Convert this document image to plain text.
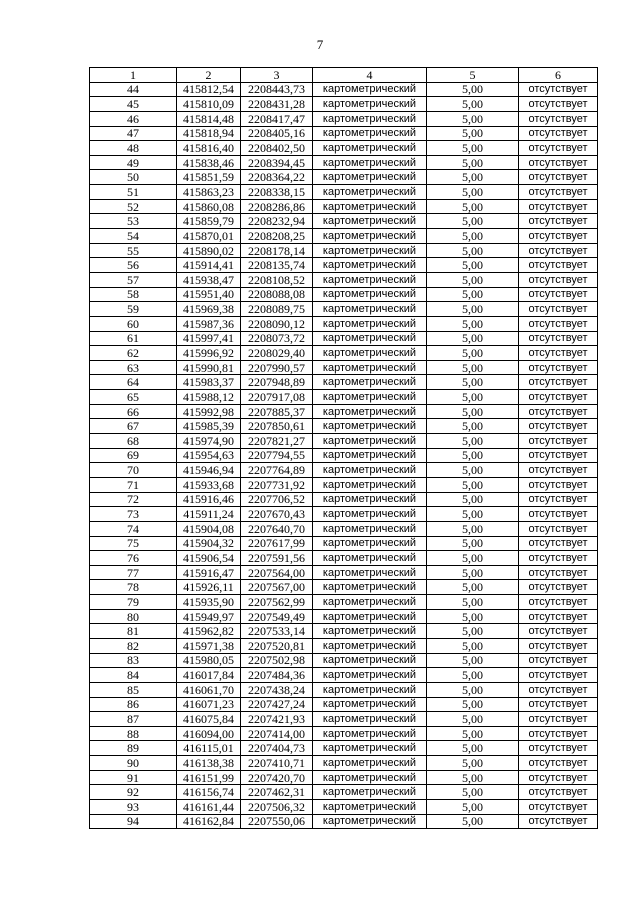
7
1	2	3	4	5	6
44	415812,54	2208443,73	картометрический	5,00	отсутствует
45	415810,09	2208431,28	картометрический	5,00	отсутствует
46	415814,48	2208417,47	картометрический	5,00	отсутствует
47	415818,94	2208405,16	картометрический	5,00	отсутствует
48	415816,40	2208402,50	картометрический	5,00	отсутствует
49	415838,46	2208394,45	картометрический	5,00	отсутствует
50	415851,59	2208364,22	картометрический	5,00	отсутствует
51	415863,23	2208338,15	картометрический	5,00	отсутствует
52	415860,08	2208286,86	картометрический	5,00	отсутствует
53	415859,79	2208232,94	картометрический	5,00	отсутствует
54	415870,01	2208208,25	картометрический	5,00	отсутствует
55	415890,02	2208178,14	картометрический	5,00	отсутствует
56	415914,41	2208135,74	картометрический	5,00	отсутствует
57	415938,47	2208108,52	картометрический	5,00	отсутствует
58	415951,40	2208088,08	картометрический	5,00	отсутствует
59	415969,38	2208089,75	картометрический	5,00	отсутствует
60	415987,36	2208090,12	картометрический	5,00	отсутствует
61	415997,41	2208073,72	картометрический	5,00	отсутствует
62	415996,92	2208029,40	картометрический	5,00	отсутствует
63	415990,81	2207990,57	картометрический	5,00	отсутствует
64	415983,37	2207948,89	картометрический	5,00	отсутствует
65	415988,12	2207917,08	картометрический	5,00	отсутствует
66	415992,98	2207885,37	картометрический	5,00	отсутствует
67	415985,39	2207850,61	картометрический	5,00	отсутствует
68	415974,90	2207821,27	картометрический	5,00	отсутствует
69	415954,63	2207794,55	картометрический	5,00	отсутствует
70	415946,94	2207764,89	картометрический	5,00	отсутствует
71	415933,68	2207731,92	картометрический	5,00	отсутствует
72	415916,46	2207706,52	картометрический	5,00	отсутствует
73	415911,24	2207670,43	картометрический	5,00	отсутствует
74	415904,08	2207640,70	картометрический	5,00	отсутствует
75	415904,32	2207617,99	картометрический	5,00	отсутствует
76	415906,54	2207591,56	картометрический	5,00	отсутствует
77	415916,47	2207564,00	картометрический	5,00	отсутствует
78	415926,11	2207567,00	картометрический	5,00	отсутствует
79	415935,90	2207562,99	картометрический	5,00	отсутствует
80	415949,97	2207549,49	картометрический	5,00	отсутствует
81	415962,82	2207533,14	картометрический	5,00	отсутствует
82	415971,38	2207520,81	картометрический	5,00	отсутствует
83	415980,05	2207502,98	картометрический	5,00	отсутствует
84	416017,84	2207484,36	картометрический	5,00	отсутствует
85	416061,70	2207438,24	картометрический	5,00	отсутствует
86	416071,23	2207427,24	картометрический	5,00	отсутствует
87	416075,84	2207421,93	картометрический	5,00	отсутствует
88	416094,00	2207414,00	картометрический	5,00	отсутствует
89	416115,01	2207404,73	картометрический	5,00	отсутствует
90	416138,38	2207410,71	картометрический	5,00	отсутствует
91	416151,99	2207420,70	картометрический	5,00	отсутствует
92	416156,74	2207462,31	картометрический	5,00	отсутствует
93	416161,44	2207506,32	картометрический	5,00	отсутствует
94	416162,84	2207550,06	картометрический	5,00	отсутствует
